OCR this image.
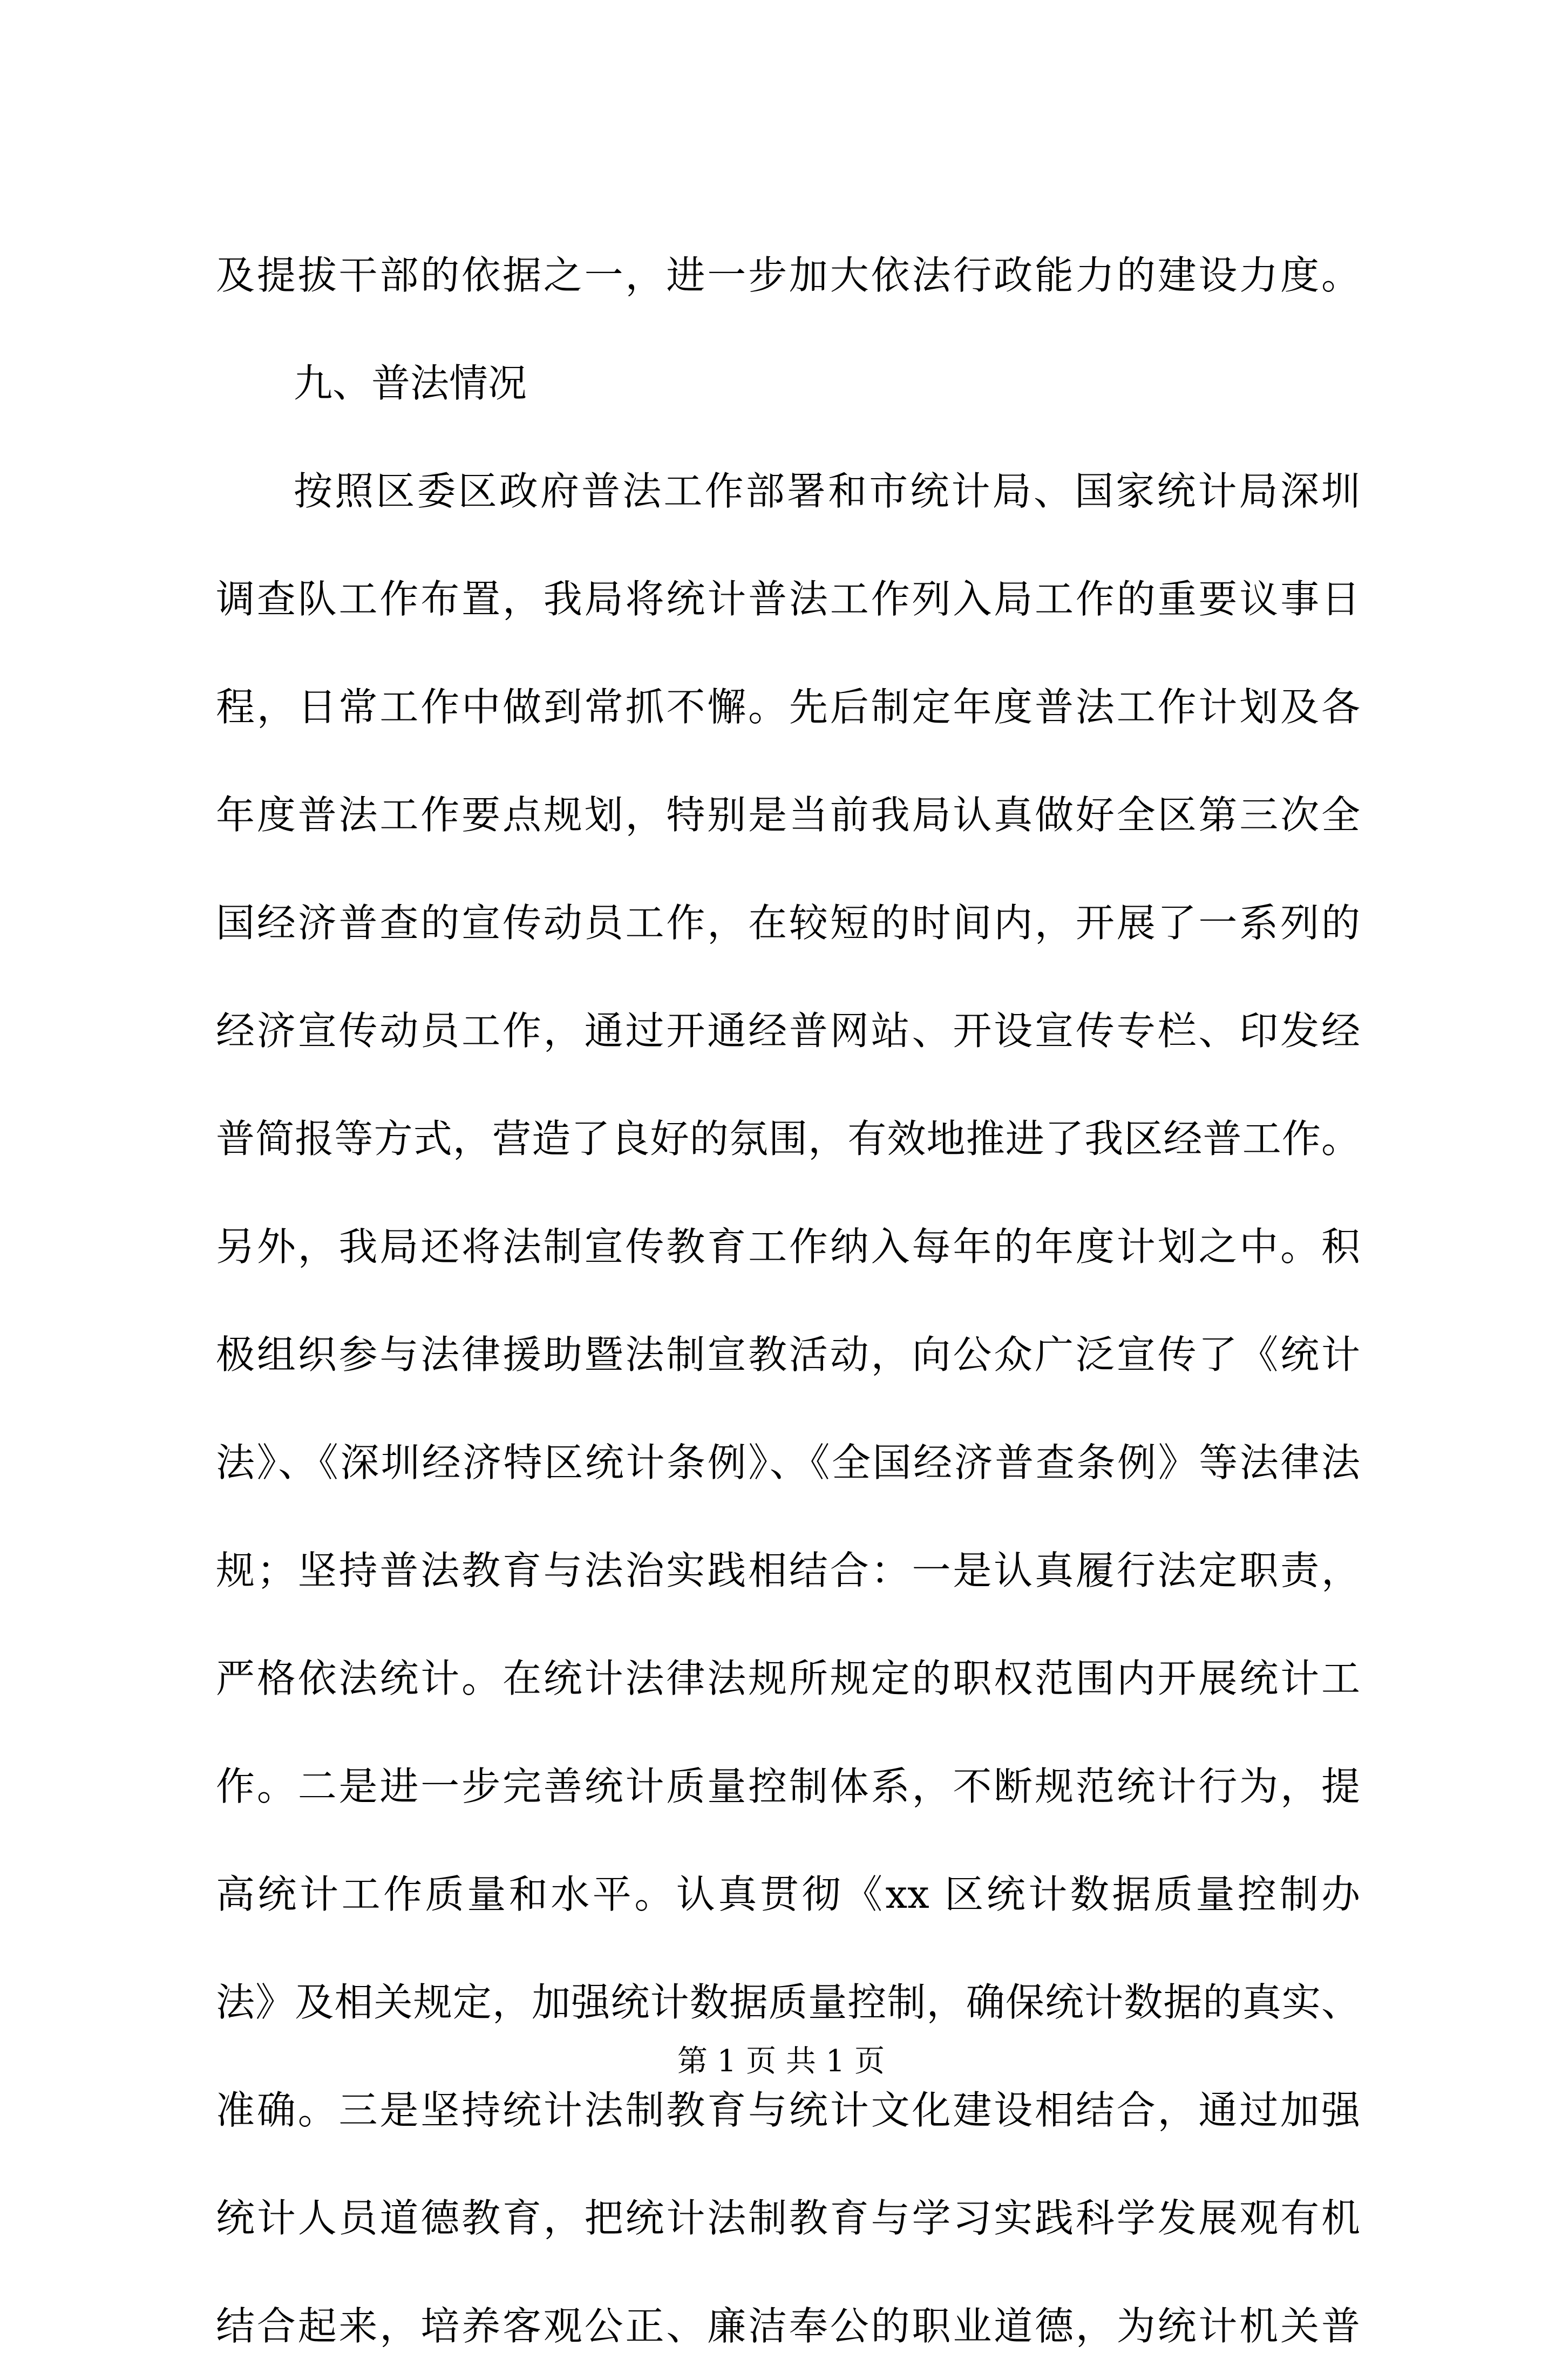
及提拔干部的依据之一，进一步加大依法行政能力的建设力度。
九、普法情况
按照区委区政府普法工作部署和市统计局、国家统计局深圳
调查队工作布置，我局将统计普法工作列入局工作的重要议事日
程，日常工作中做到常抓不懈。先后制定年度普法工作计划及各
年度普法工作要点规划，特别是当前我局认真做好全区第三次全
国经济普查的宣传动员工作，在较短的时间内，开展了一系列的
经济宣传动员工作，通过开通经普网站、开设宣传专栏、印发经
普简报等方式，营造了良好的氛围，有效地推进了我区经普工作。
另外，我局还将法制宣传教育工作纳入每年的年度计划之中。积
极组织参与法律援助暨法制宣教活动，向公众广泛宣传了《统计
法》、《深圳经济特区统计条例》、《全国经济普查条例》等法律法
规；坚持普法教育与法治实践相结合：一是认真履行法定职责，
严格依法统计。在统计法律法规所规定的职权范围内开展统计工
作。二是进一步完善统计质量控制体系，不断规范统计行为，提
高统计工作质量和水平。认真贯彻《xx 区统计数据质量控制办
法》及相关规定，加强统计数据质量控制，确保统计数据的真实、
准确。三是坚持统计法制教育与统计文化建设相结合，通过加强
统计人员道德教育，把统计法制教育与学习实践科学发展观有机
结合起来，培养客观公正、廉洁奉公的职业道德，为统计机关普
第 1 页 共 1 页
